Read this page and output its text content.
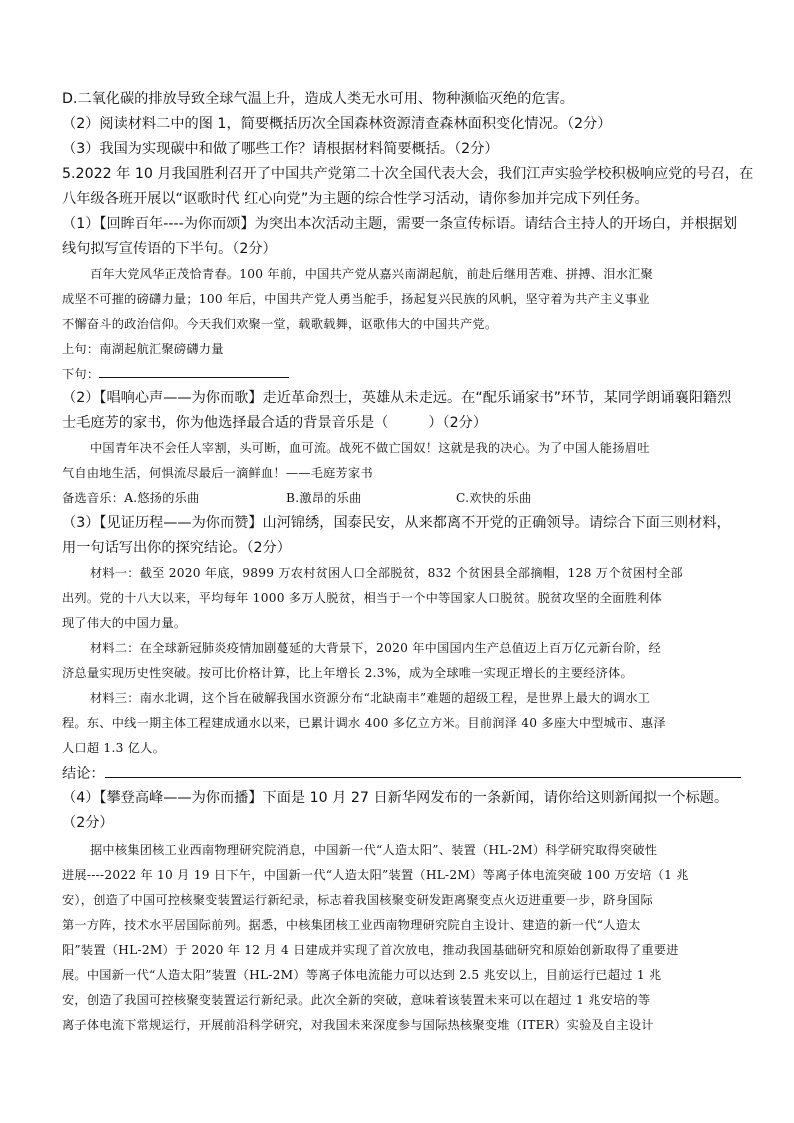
D.二氧化碳的排放导致全球气温上升，造成人类无水可用、物种濒临灭绝的危害。
（2）阅读材料二中的图 1，简要概括历次全国森林资源清查森林面积变化情况。（2分）
（3）我国为实现碳中和做了哪些工作？请根据材料简要概括。（2分）
5.2022 年 10 月我国胜利召开了中国共产党第二十次全国代表大会，我们江声实验学校积极响应党的号召，在
八年级各班开展以“讴歌时代 红心向党”为主题的综合性学习活动，请你参加并完成下列任务。
（1）【回眸百年----为你而颂】为突出本次活动主题，需要一条宣传标语。请结合主持人的开场白，并根据划
线句拟写宣传语的下半句。（2分）
百年大党风华正茂恰青春。100 年前，中国共产党从嘉兴南湖起航，前赴后继用苦难、拼搏、泪水汇聚
成坚不可摧的磅礴力量；100 年后，中国共产党人勇当舵手，扬起复兴民族的风帆，坚守着为共产主义事业
不懈奋斗的政治信仰。今天我们欢聚一堂，载歌载舞，讴歌伟大的中国共产党。
上句：南湖起航汇聚磅礴力量
下句：
（2）【唱响心声——为你而歌】走近革命烈士，英雄从未走远。在“配乐诵家书”环节，某同学朗诵襄阳籍烈
士毛庭芳的家书，你为他选择最合适的背景音乐是（	）（2分）
中国青年决不会任人宰割，头可断，血可流。战死不做亡国奴！这就是我的决心。为了中国人能扬眉吐
气自由地生活，何惧流尽最后一滴鲜血！——毛庭芳家书
备选音乐：A.悠扬的乐曲	B.激昂的乐曲	C.欢快的乐曲
（3）【见证历程——为你而赞】山河锦绣，国泰民安，从来都离不开党的正确领导。请综合下面三则材料，
用一句话写出你的探究结论。（2分）
材料一：截至 2020 年底，9899 万农村贫困人口全部脱贫，832 个贫困县全部摘帽，128 万个贫困村全部
出列。党的十八大以来，平均每年 1000 多万人脱贫，相当于一个中等国家人口脱贫。脱贫攻坚的全面胜利体
现了伟大的中国力量。
材料二：在全球新冠肺炎疫情加剧蔓延的大背景下，2020 年中国国内生产总值迈上百万亿元新台阶，经
济总量实现历史性突破。按可比价格计算，比上年增长 2.3%，成为全球唯一实现正增长的主要经济体。
材料三：南水北调，这个旨在破解我国水资源分布“北缺南丰”难题的超级工程，是世界上最大的调水工
程。东、中线一期主体工程建成通水以来，已累计调水 400 多亿立方米。目前润泽 40 多座大中型城市、惠泽
人口超 1.3 亿人。
结论：
（4）【攀登高峰——为你而播】下面是 10 月 27 日新华网发布的一条新闻，请你给这则新闻拟一个标题。
（2分）
据中核集团核工业西南物理研究院消息，中国新一代“人造太阳”、装置（HL-2M）科学研究取得突破性
进展----2022 年 10 月 19 日下午，中国新一代“人造太阳”装置（HL-2M）等离子体电流突破 100 万安培（1 兆
安），创造了中国可控核聚变装置运行新纪录，标志着我国核聚变研发距离聚变点火迈进重要一步，跻身国际
第一方阵，技术水平居国际前列。据悉，中核集团核工业西南物理研究院自主设计、建造的新一代“人造太
阳”装置（HL-2M）于 2020 年 12 月 4 日建成并实现了首次放电，推动我国基础研究和原始创新取得了重要进
展。中国新一代“人造太阳”装置（HL-2M）等离子体电流能力可以达到 2.5 兆安以上，目前运行已超过 1 兆
安，创造了我国可控核聚变装置运行新纪录。此次全新的突破，意味着该装置未来可以在超过 1 兆安培的等
离子体电流下常规运行，开展前沿科学研究，对我国未来深度参与国际热核聚变堆（ITER）实验及自主设计
